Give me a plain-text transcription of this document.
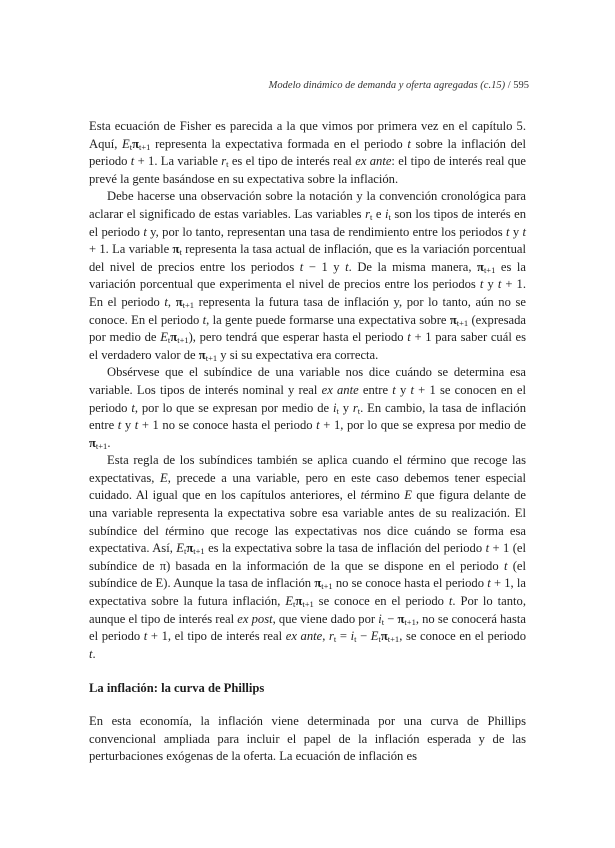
Modelo dinámico de demanda y oferta agregadas (c.15) / 595

Esta ecuación de Fisher es parecida a la que vimos por primera vez en el capítulo 5. Aquí, $E_t\pi_{t+1}$ representa la expectativa formada en el periodo t sobre la inflación del periodo t + 1. La variable $r_t$ es el tipo de interés real ex ante: el tipo de interés real que prevé la gente basándose en su expectativa sobre la inflación.

Debe hacerse una observación sobre la notación y la convención cronológica para aclarar el significado de estas variables. Las variables $r_t$ e $i_t$ son los tipos de interés en el periodo t y, por lo tanto, representan una tasa de rendimiento entre los periodos t y t + 1. La variable $\pi_t$ representa la tasa actual de inflación, que es la variación porcentual del nivel de precios entre los periodos t − 1 y t. De la misma manera, $\pi_{t+1}$ es la variación porcentual que experimenta el nivel de precios entre los periodos t y t + 1. En el periodo t, $\pi_{t+1}$ representa la futura tasa de inflación y, por lo tanto, aún no se conoce. En el periodo t, la gente puede formarse una expectativa sobre $\pi_{t+1}$ (expresada por medio de $E_t\pi_{t+1}$), pero tendrá que esperar hasta el periodo t + 1 para saber cuál es el verdadero valor de $\pi_{t+1}$ y si su expectativa era correcta.

Obsérvese que el subíndice de una variable nos dice cuándo se determina esa variable. Los tipos de interés nominal y real ex ante entre t y t + 1 se conocen en el periodo t, por lo que se expresan por medio de $i_t$ y $r_t$. En cambio, la tasa de inflación entre t y t + 1 no se conoce hasta el periodo t + 1, por lo que se expresa por medio de $\pi_{t+1}$.

Esta regla de los subíndices también se aplica cuando el término que recoge las expectativas, E, precede a una variable, pero en este caso debemos tener especial cuidado. Al igual que en los capítulos anteriores, el término E que figura delante de una variable representa la expectativa sobre esa variable antes de su realización. El subíndice del término que recoge las expectativas nos dice cuándo se forma esa expectativa. Así, $E_t\pi_{t+1}$ es la expectativa sobre la tasa de inflación del periodo t + 1 (el subíndice de π) basada en la información de la que se dispone en el periodo t (el subíndice de E). Aunque la tasa de inflación $\pi_{t+1}$ no se conoce hasta el periodo t + 1, la expectativa sobre la futura inflación, $E_t\pi_{t+1}$ se conoce en el periodo t. Por lo tanto, aunque el tipo de interés real ex post, que viene dado por $i_t - \pi_{t+1}$, no se conocerá hasta el periodo t + 1, el tipo de interés real ex ante, $r_t = i_t - E_t\pi_{t+1}$, se conoce en el periodo t.

La inflación: la curva de Phillips

En esta economía, la inflación viene determinada por una curva de Phillips convencional ampliada para incluir el papel de la inflación esperada y de las perturbaciones exógenas de la oferta. La ecuación de inflación es
